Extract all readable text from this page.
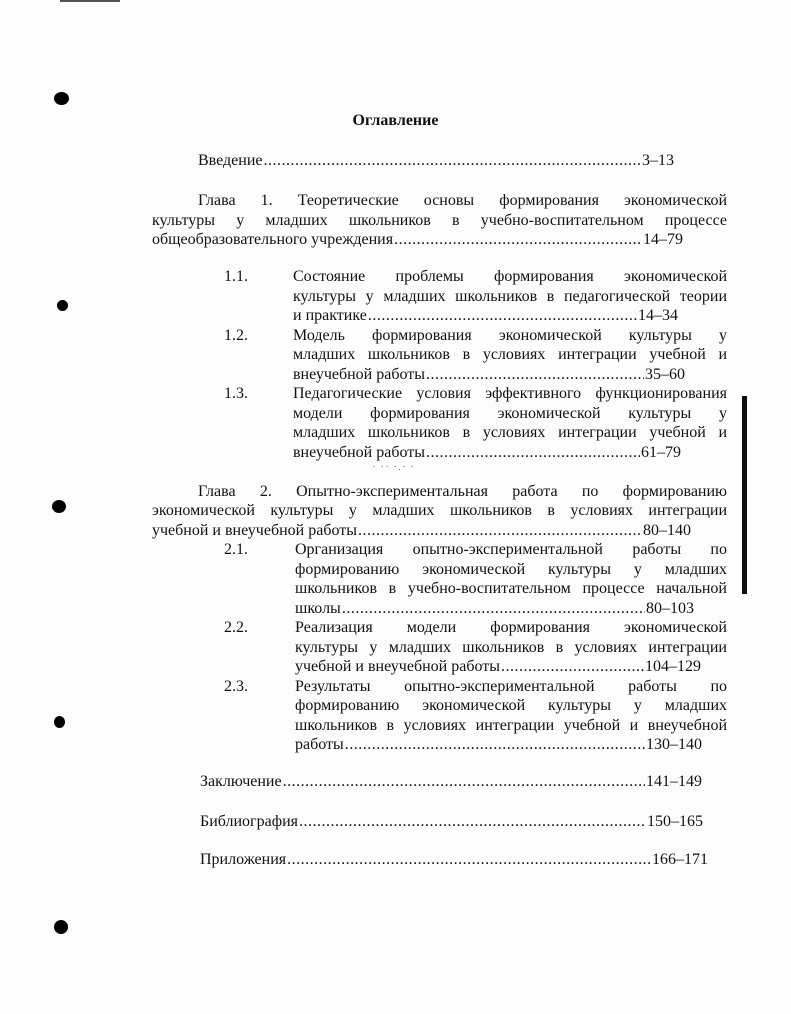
· ·· ·.· ·
Оглавление
Введение .....	3–13
Глава 1. Теоретические основы формирования экономической
культуры у младших школьников в учебно-воспитательном процессе
общеобразовательного учреждения .....	14–79
1.1.	Состояние проблемы формирования экономической
культуры у младших школьников в педагогической теории
и практике .....	14–34
1.2.	Модель формирования экономической культуры у
младших школьников в условиях интеграции учебной и
внеучебной работы .....	35–60
1.3.	Педагогические условия эффективного функционирования
модели формирования экономической культуры у
младших школьников в условиях интеграции учебной и
внеучебной работы .....	61–79
Глава 2. Опытно-экспериментальная работа по формированию
экономической культуры у младших школьников в условиях интеграции
учебной и внеучебной работы .....	80–140
2.1.	Организация опытно-экспериментальной работы по
формированию экономической культуры у младших
школьников в учебно-воспитательном процессе начальной
школы .....	80–103
2.2.	Реализация модели формирования экономической
культуры у младших школьников в условиях интеграции
учебной и внеучебной работы .....	104–129
2.3.	Результаты опытно-экспериментальной работы по
формированию экономической культуры у младших
школьников в условиях интеграции учебной и внеучебной
работы .....	130–140
Заключение .....	141–149
Библиография .....	150–165
Приложения .....	166–171
